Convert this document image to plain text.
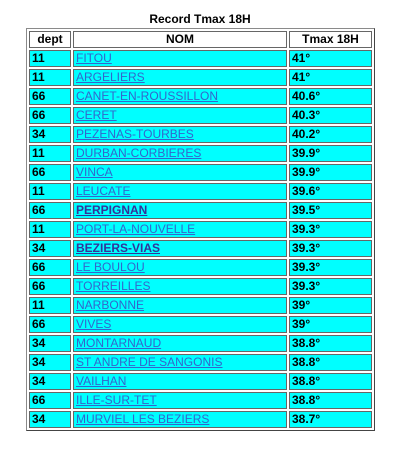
Record Tmax 18H
dept	NOM	Tmax 18H
11	FITOU	41°
11	ARGELIERS	41°
66	CANET-EN-ROUSSILLON	40.6°
66	CERET	40.3°
34	PEZENAS-TOURBES	40.2°
11	DURBAN-CORBIERES	39.9°
66	VINCA	39.9°
11	LEUCATE	39.6°
66	PERPIGNAN	39.5°
11	PORT-LA-NOUVELLE	39.3°
34	BEZIERS-VIAS	39.3°
66	LE BOULOU	39.3°
66	TORREILLES	39.3°
11	NARBONNE	39°
66	VIVES	39°
34	MONTARNAUD	38.8°
34	ST ANDRE DE SANGONIS	38.8°
34	VAILHAN	38.8°
66	ILLE-SUR-TET	38.8°
34	MURVIEL LES BEZIERS	38.7°
